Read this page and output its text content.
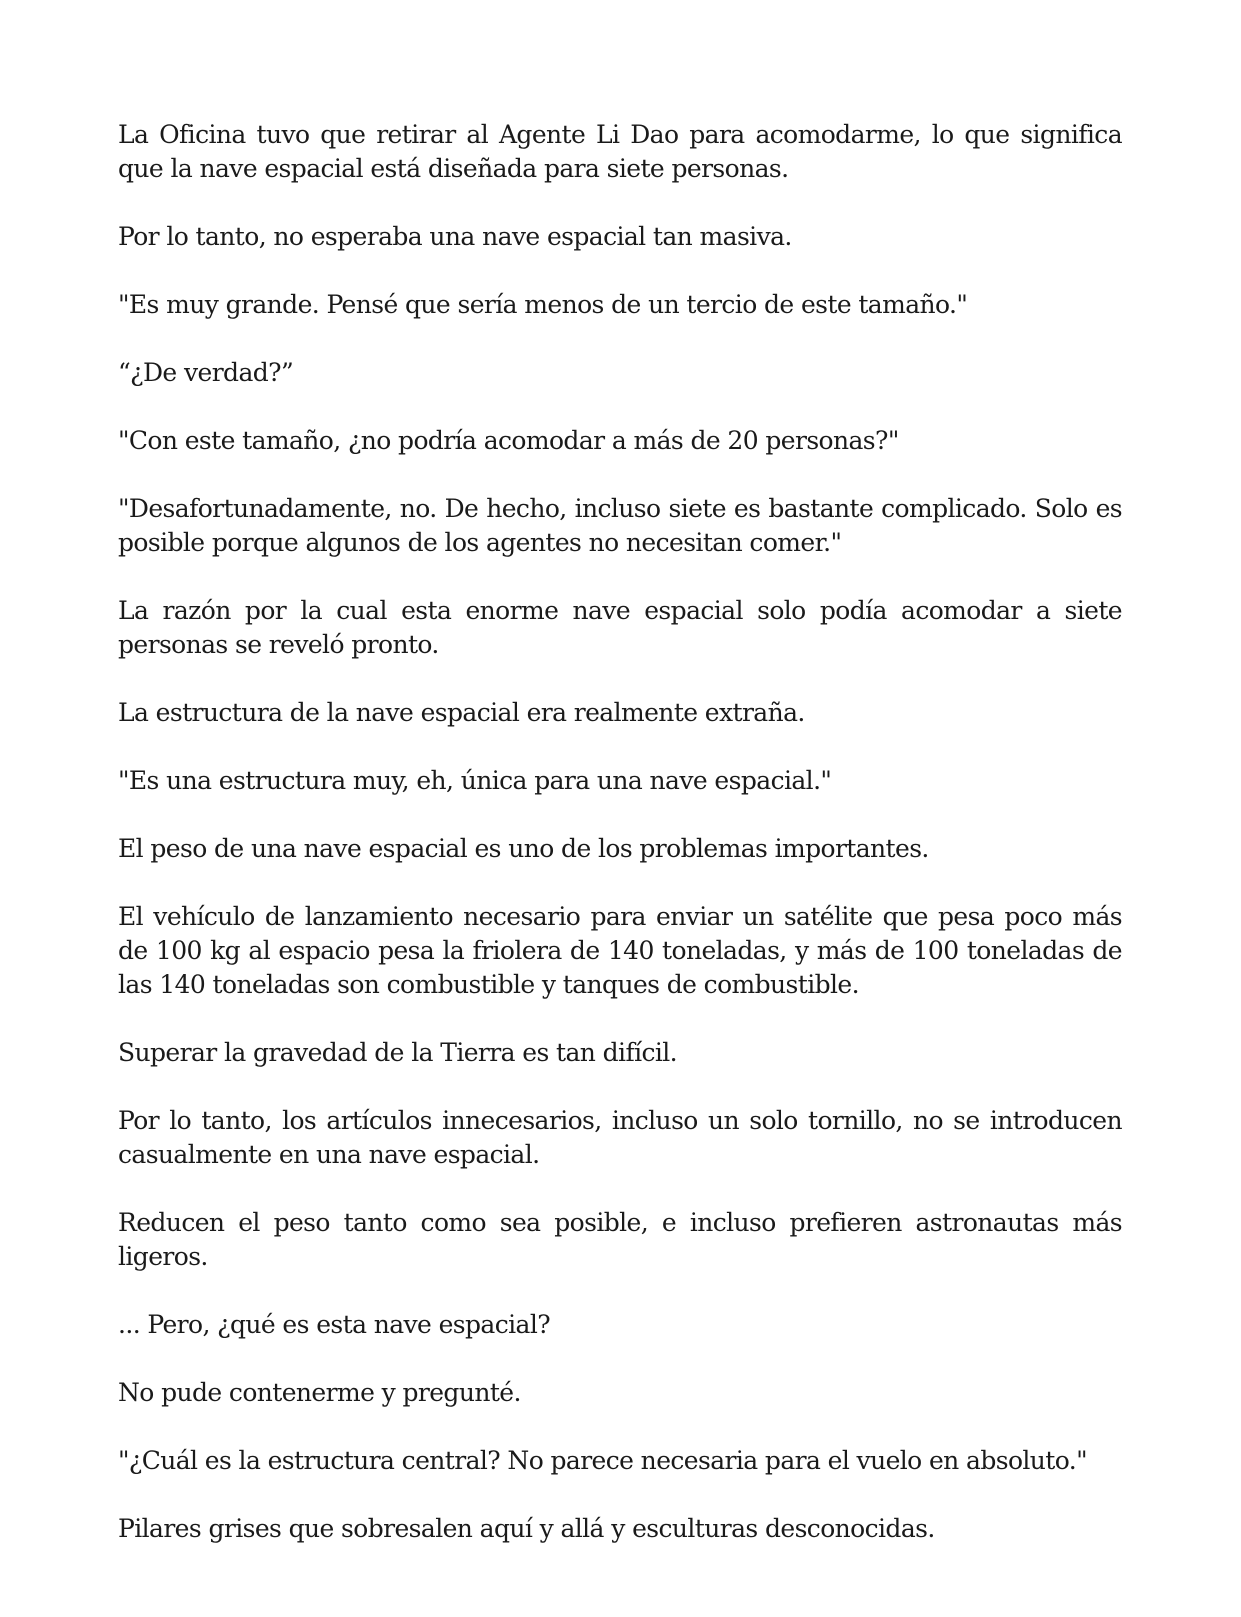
La Oficina tuvo que retirar al Agente Li Dao para acomodarme, lo que significa que la nave espacial está diseñada para siete personas.

Por lo tanto, no esperaba una nave espacial tan masiva.

"Es muy grande. Pensé que sería menos de un tercio de este tamaño."

“¿De verdad?”

"Con este tamaño, ¿no podría acomodar a más de 20 personas?"

"Desafortunadamente, no. De hecho, incluso siete es bastante complicado. Solo es posible porque algunos de los agentes no necesitan comer."

La razón por la cual esta enorme nave espacial solo podía acomodar a siete personas se reveló pronto.

La estructura de la nave espacial era realmente extraña.

"Es una estructura muy, eh, única para una nave espacial."

El peso de una nave espacial es uno de los problemas importantes.

El vehículo de lanzamiento necesario para enviar un satélite que pesa poco más de 100 kg al espacio pesa la friolera de 140 toneladas, y más de 100 toneladas de las 140 toneladas son combustible y tanques de combustible.

Superar la gravedad de la Tierra es tan difícil.

Por lo tanto, los artículos innecesarios, incluso un solo tornillo, no se introducen casualmente en una nave espacial.

Reducen el peso tanto como sea posible, e incluso prefieren astronautas más ligeros.

... Pero, ¿qué es esta nave espacial?

No pude contenerme y pregunté.

"¿Cuál es la estructura central? No parece necesaria para el vuelo en absoluto."

Pilares grises que sobresalen aquí y allá y esculturas desconocidas.
